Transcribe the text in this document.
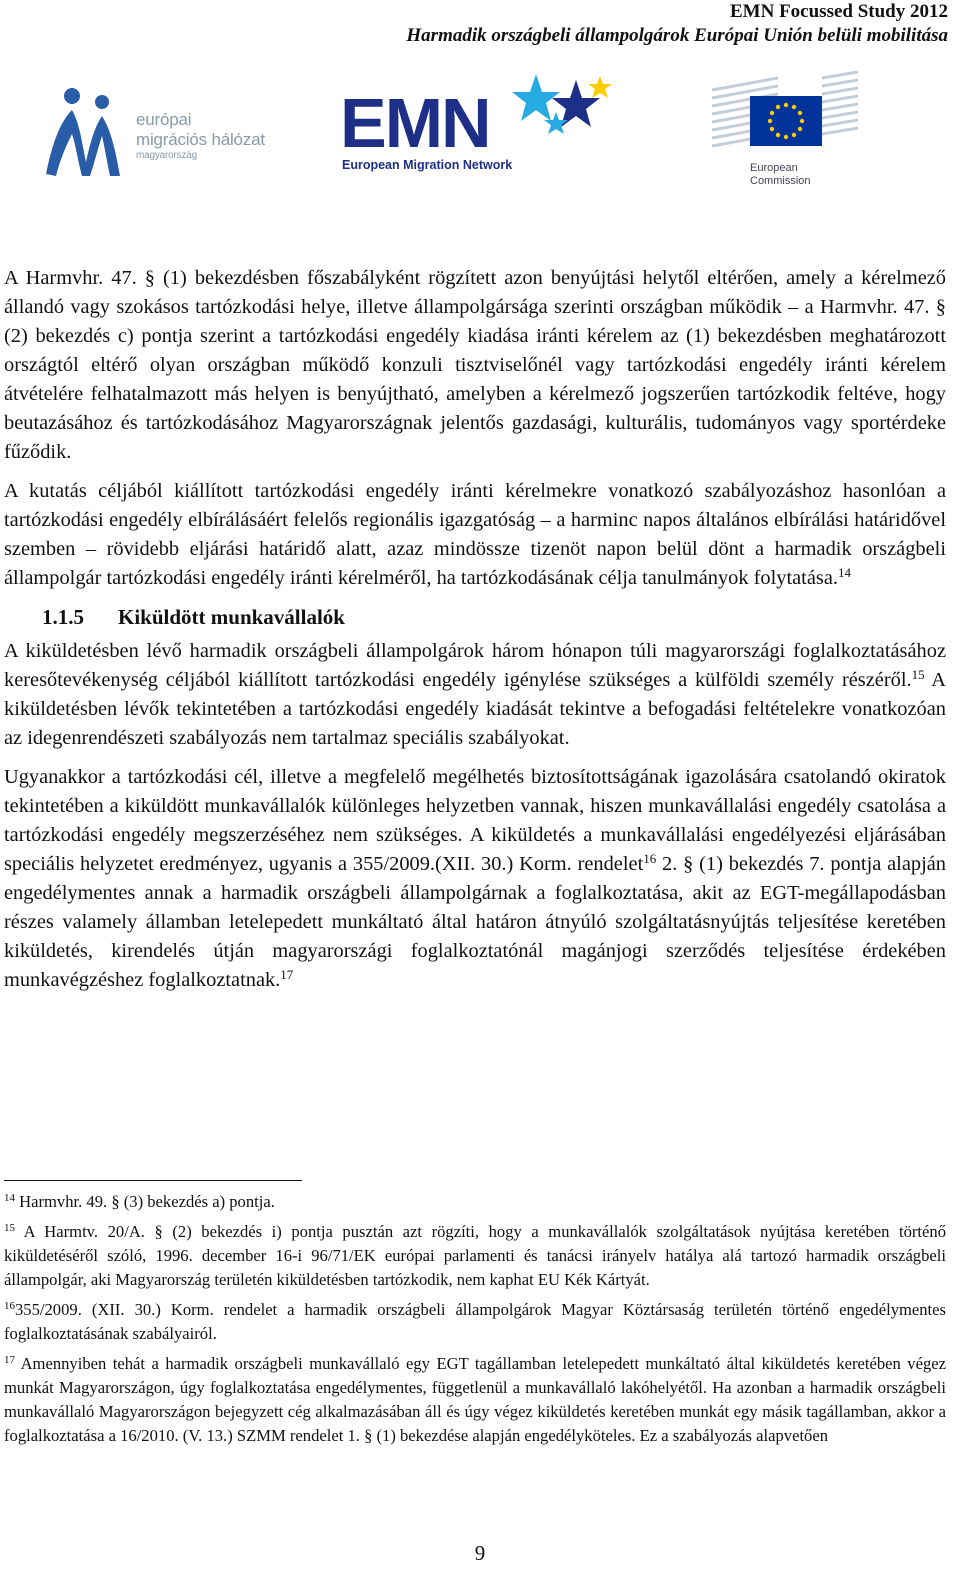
EMN Focussed Study 2012
Harmadik országbeli állampolgárok Európai Unión belüli mobilitása
európai
migrációs hálózat
magyarország	EMN
European Migration Network	European
Commission

A Harmvhr. 47. § (1) bekezdésben főszabályként rögzített azon benyújtási helytől eltérően, amely a kérelmező állandó vagy szokásos tartózkodási helye, illetve állampolgársága szerinti országban működik – a Harmvhr. 47. § (2) bekezdés c) pontja szerint a tartózkodási engedély kiadása iránti kérelem az (1) bekezdésben meghatározott országtól eltérő olyan országban működő konzuli tisztviselőnél vagy tartózkodási engedély iránti kérelem átvételére felhatalmazott más helyen is benyújtható, amelyben a kérelmező jogszerűen tartózkodik feltéve, hogy beutazásához és tartózkodásához Magyarországnak jelentős gazdasági, kulturális, tudományos vagy sportérdeke fűződik.

A kutatás céljából kiállított tartózkodási engedély iránti kérelmekre vonatkozó szabályozáshoz hasonlóan a tartózkodási engedély elbírálásáért felelős regionális igazgatóság – a harminc napos általános elbírálási határidővel szemben – rövidebb eljárási határidő alatt, azaz mindössze tizenöt napon belül dönt a harmadik országbeli állampolgár tartózkodási engedély iránti kérelméről, ha tartózkodásának célja tanulmányok folytatása.$^{14}$

1.1.5 Kiküldött munkavállalók

A kiküldetésben lévő harmadik országbeli állampolgárok három hónapon túli magyarországi foglalkoztatásához keresőtevékenység céljából kiállított tartózkodási engedély igénylése szükséges a külföldi személy részéről.$^{15}$ A kiküldetésben lévők tekintetében a tartózkodási engedély kiadását tekintve a befogadási feltételekre vonatkozóan az idegenrendészeti szabályozás nem tartalmaz speciális szabályokat.

Ugyanakkor a tartózkodási cél, illetve a megfelelő megélhetés biztosítottságának igazolására csatolandó okiratok tekintetében a kiküldött munkavállalók különleges helyzetben vannak, hiszen munkavállalási engedély csatolása a tartózkodási engedély megszerzéséhez nem szükséges. A kiküldetés a munkavállalási engedélyezési eljárásában speciális helyzetet eredményez, ugyanis a 355/2009.(XII. 30.) Korm. rendelet$^{16}$ 2. § (1) bekezdés 7. pontja alapján engedélymentes annak a harmadik országbeli állampolgárnak a foglalkoztatása, akit az EGT-megállapodásban részes valamely államban letelepedett munkáltató által határon átnyúló szolgáltatásnyújtás teljesítése keretében kiküldetés, kirendelés útján magyarországi foglalkoztatónál magánjogi szerződés teljesítése érdekében munkavégzéshez foglalkoztatnak.$^{17}$

$^{14}$ Harmvhr. 49. § (3) bekezdés a) pontja.

$^{15}$ A Harmtv. 20/A. § (2) bekezdés i) pontja pusztán azt rögzíti, hogy a munkavállalók szolgáltatások nyújtása keretében történő kiküldetéséről szóló, 1996. december 16-i 96/71/EK európai parlamenti és tanácsi irányelv hatálya alá tartozó harmadik országbeli állampolgár, aki Magyarország területén kiküldetésben tartózkodik, nem kaphat EU Kék Kártyát.

$^{16}$355/2009. (XII. 30.) Korm. rendelet a harmadik országbeli állampolgárok Magyar Köztársaság területén történő engedélymentes foglalkoztatásának szabályairól.

$^{17}$ Amennyiben tehát a harmadik országbeli munkavállaló egy EGT tagállamban letelepedett munkáltató által kiküldetés keretében végez munkát Magyarországon, úgy foglalkoztatása engedélymentes, függetlenül a munkavállaló lakóhelyétől. Ha azonban a harmadik országbeli munkavállaló Magyarországon bejegyzett cég alkalmazásában áll és úgy végez kiküldetés keretében munkát egy másik tagállamban, akkor a foglalkoztatása a 16/2010. (V. 13.) SZMM rendelet 1. § (1) bekezdése alapján engedélyköteles. Ez a szabályozás alapvetően

9
